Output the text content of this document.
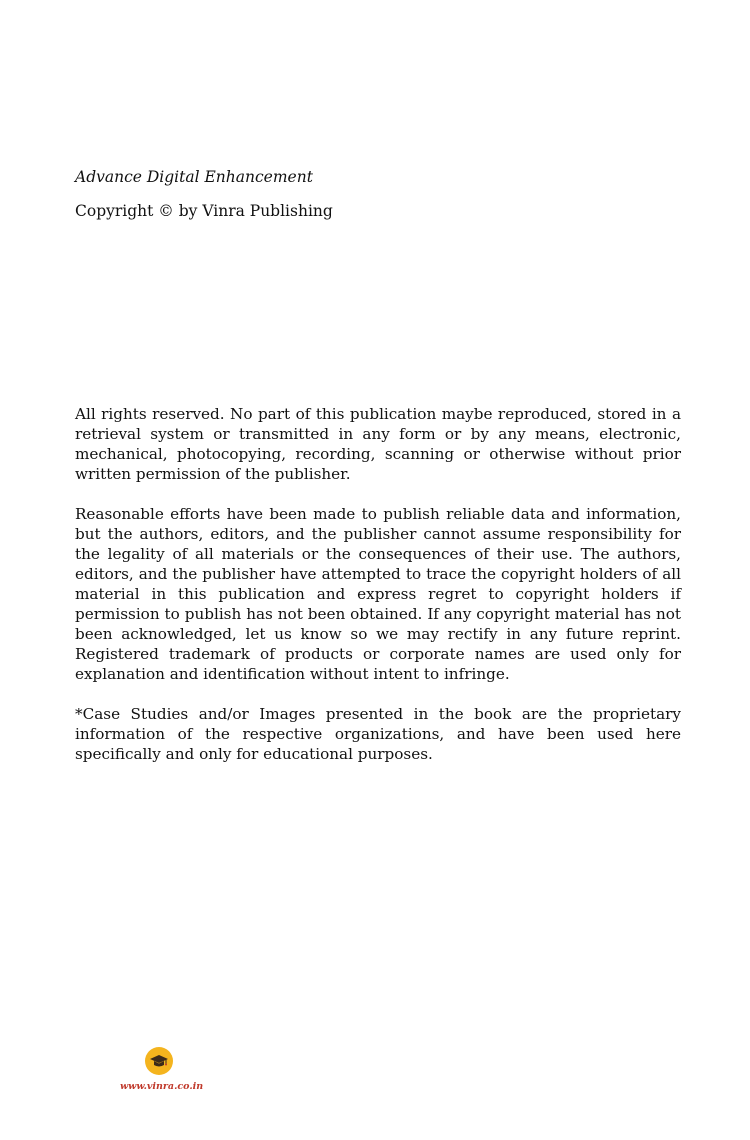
Advance Digital Enhancement

Copyright © by Vinra Publishing

All rights reserved. No part of this publication maybe reproduced, stored in a retrieval system or transmitted in any form or by any means, electronic, mechanical, photocopying, recording, scanning or otherwise without prior written permission of the publisher.

Reasonable efforts have been made to publish reliable data and information, but the authors, editors, and the publisher cannot assume responsibility for the legality of all materials or the consequences of their use. The authors, editors, and the publisher have attempted to trace the copyright holders of all material in this publication and express regret to copyright holders if permission to publish has not been obtained. If any copyright material has not been acknowledged, let us know so we may rectify in any future reprint. Registered trademark of products or corporate names are used only for explanation and identification without intent to infringe.

*Case Studies and/or Images presented in the book are the proprietary information of the respective organizations, and have been used here specifically and only for educational purposes.

www.vinra.co.in
